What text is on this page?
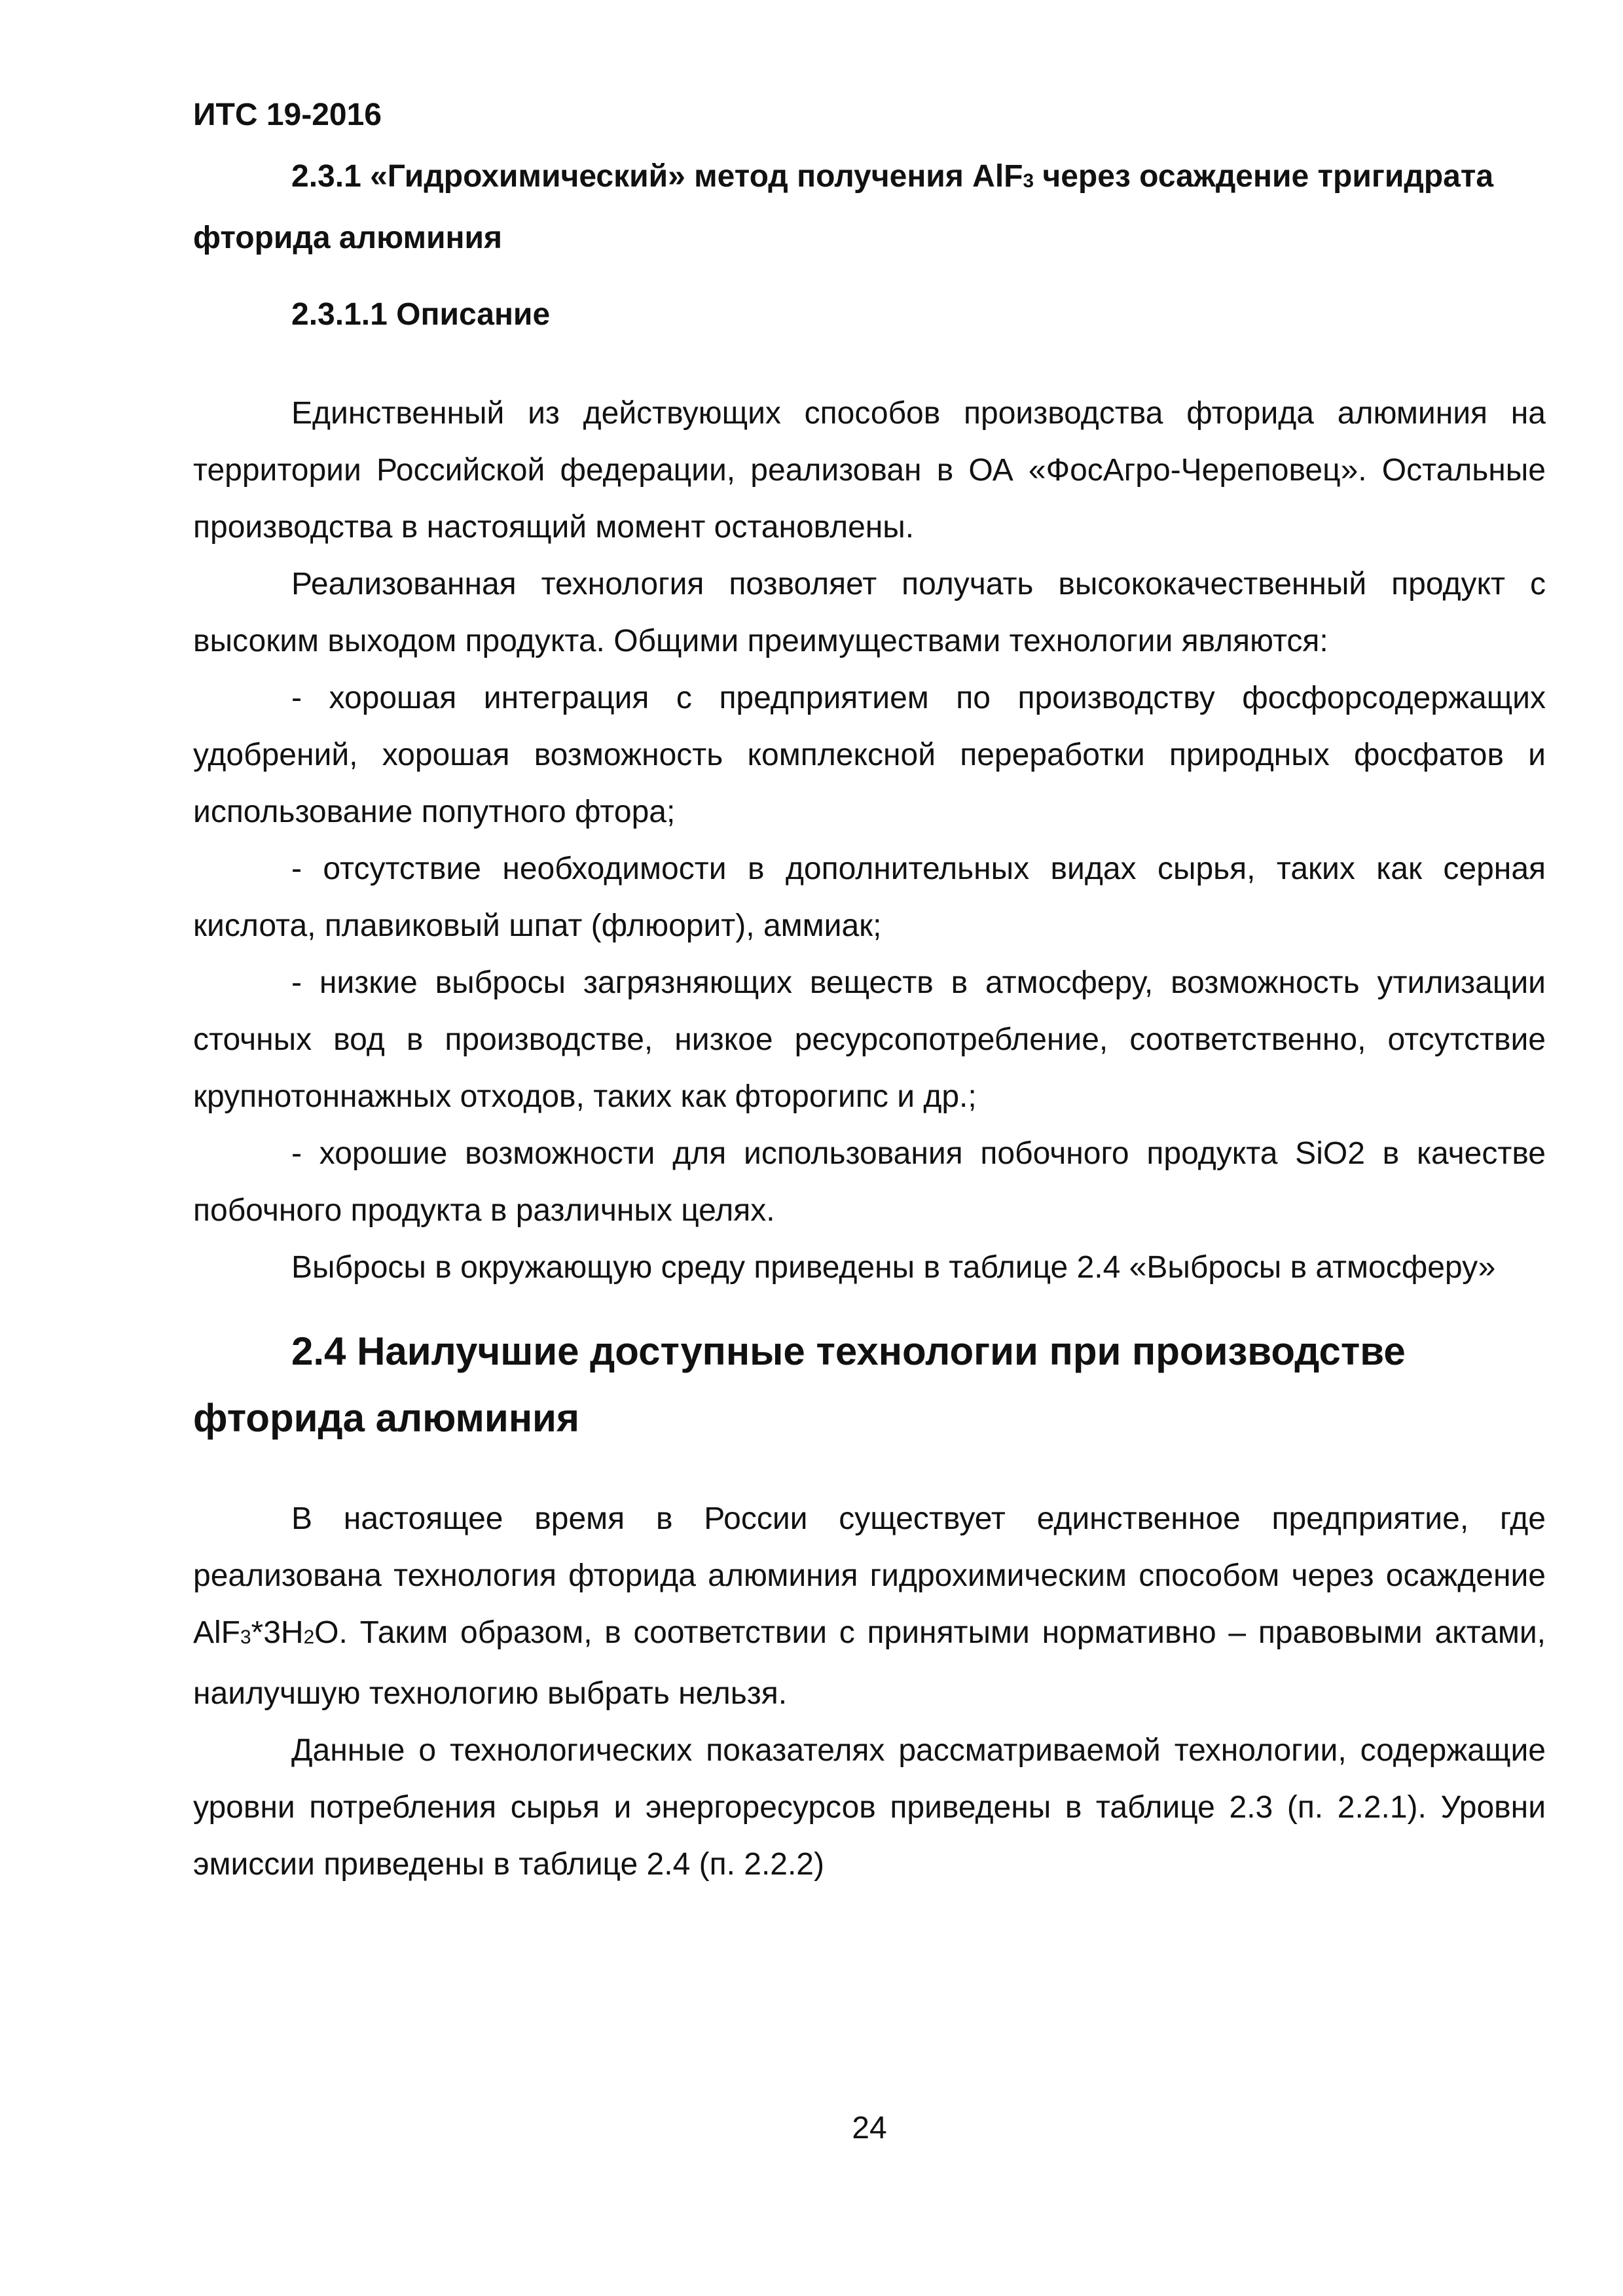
ИТС 19-2016

2.3.1 «Гидрохимический» метод получения AlF$_3$ через осаждение тригидрата фторида алюминия

2.3.1.1 Описание

Единственный из действующих способов производства фторида алюминия на территории Российской федерации, реализован в ОА «ФосАгро-Череповец». Остальные производства в настоящий момент остановлены.

Реализованная технология позволяет получать высококачественный продукт с высоким выходом продукта. Общими преимуществами технологии являются:

- хорошая интеграция с предприятием по производству фосфорсодержащих удобрений, хорошая возможность комплексной переработки природных фосфатов и использование попутного фтора;

- отсутствие необходимости в дополнительных видах сырья, таких как серная кислота, плавиковый шпат (флюорит), аммиак;

- низкие выбросы загрязняющих веществ в атмосферу, возможность утилизации сточных вод в производстве, низкое ресурсопотребление, соответственно, отсутствие крупнотоннажных отходов, таких как фторогипс и др.;

- хорошие возможности для использования побочного продукта SiO2 в качестве побочного продукта в различных целях.

Выбросы в окружающую среду приведены в таблице 2.4 «Выбросы в атмосферу»

2.4 Наилучшие доступные технологии при производстве фторида алюминия

В настоящее время в России существует единственное предприятие, где реализована технология фторида алюминия гидрохимическим способом через осаждение $AlF_3*3H_2O$. Таким образом, в соответствии с принятыми нормативно – правовыми актами, наилучшую технологию выбрать нельзя.

Данные о технологических показателях рассматриваемой технологии, содержащие уровни потребления сырья и энергоресурсов приведены в таблице 2.3 (п. 2.2.1). Уровни эмиссии приведены в таблице 2.4 (п. 2.2.2)

24
